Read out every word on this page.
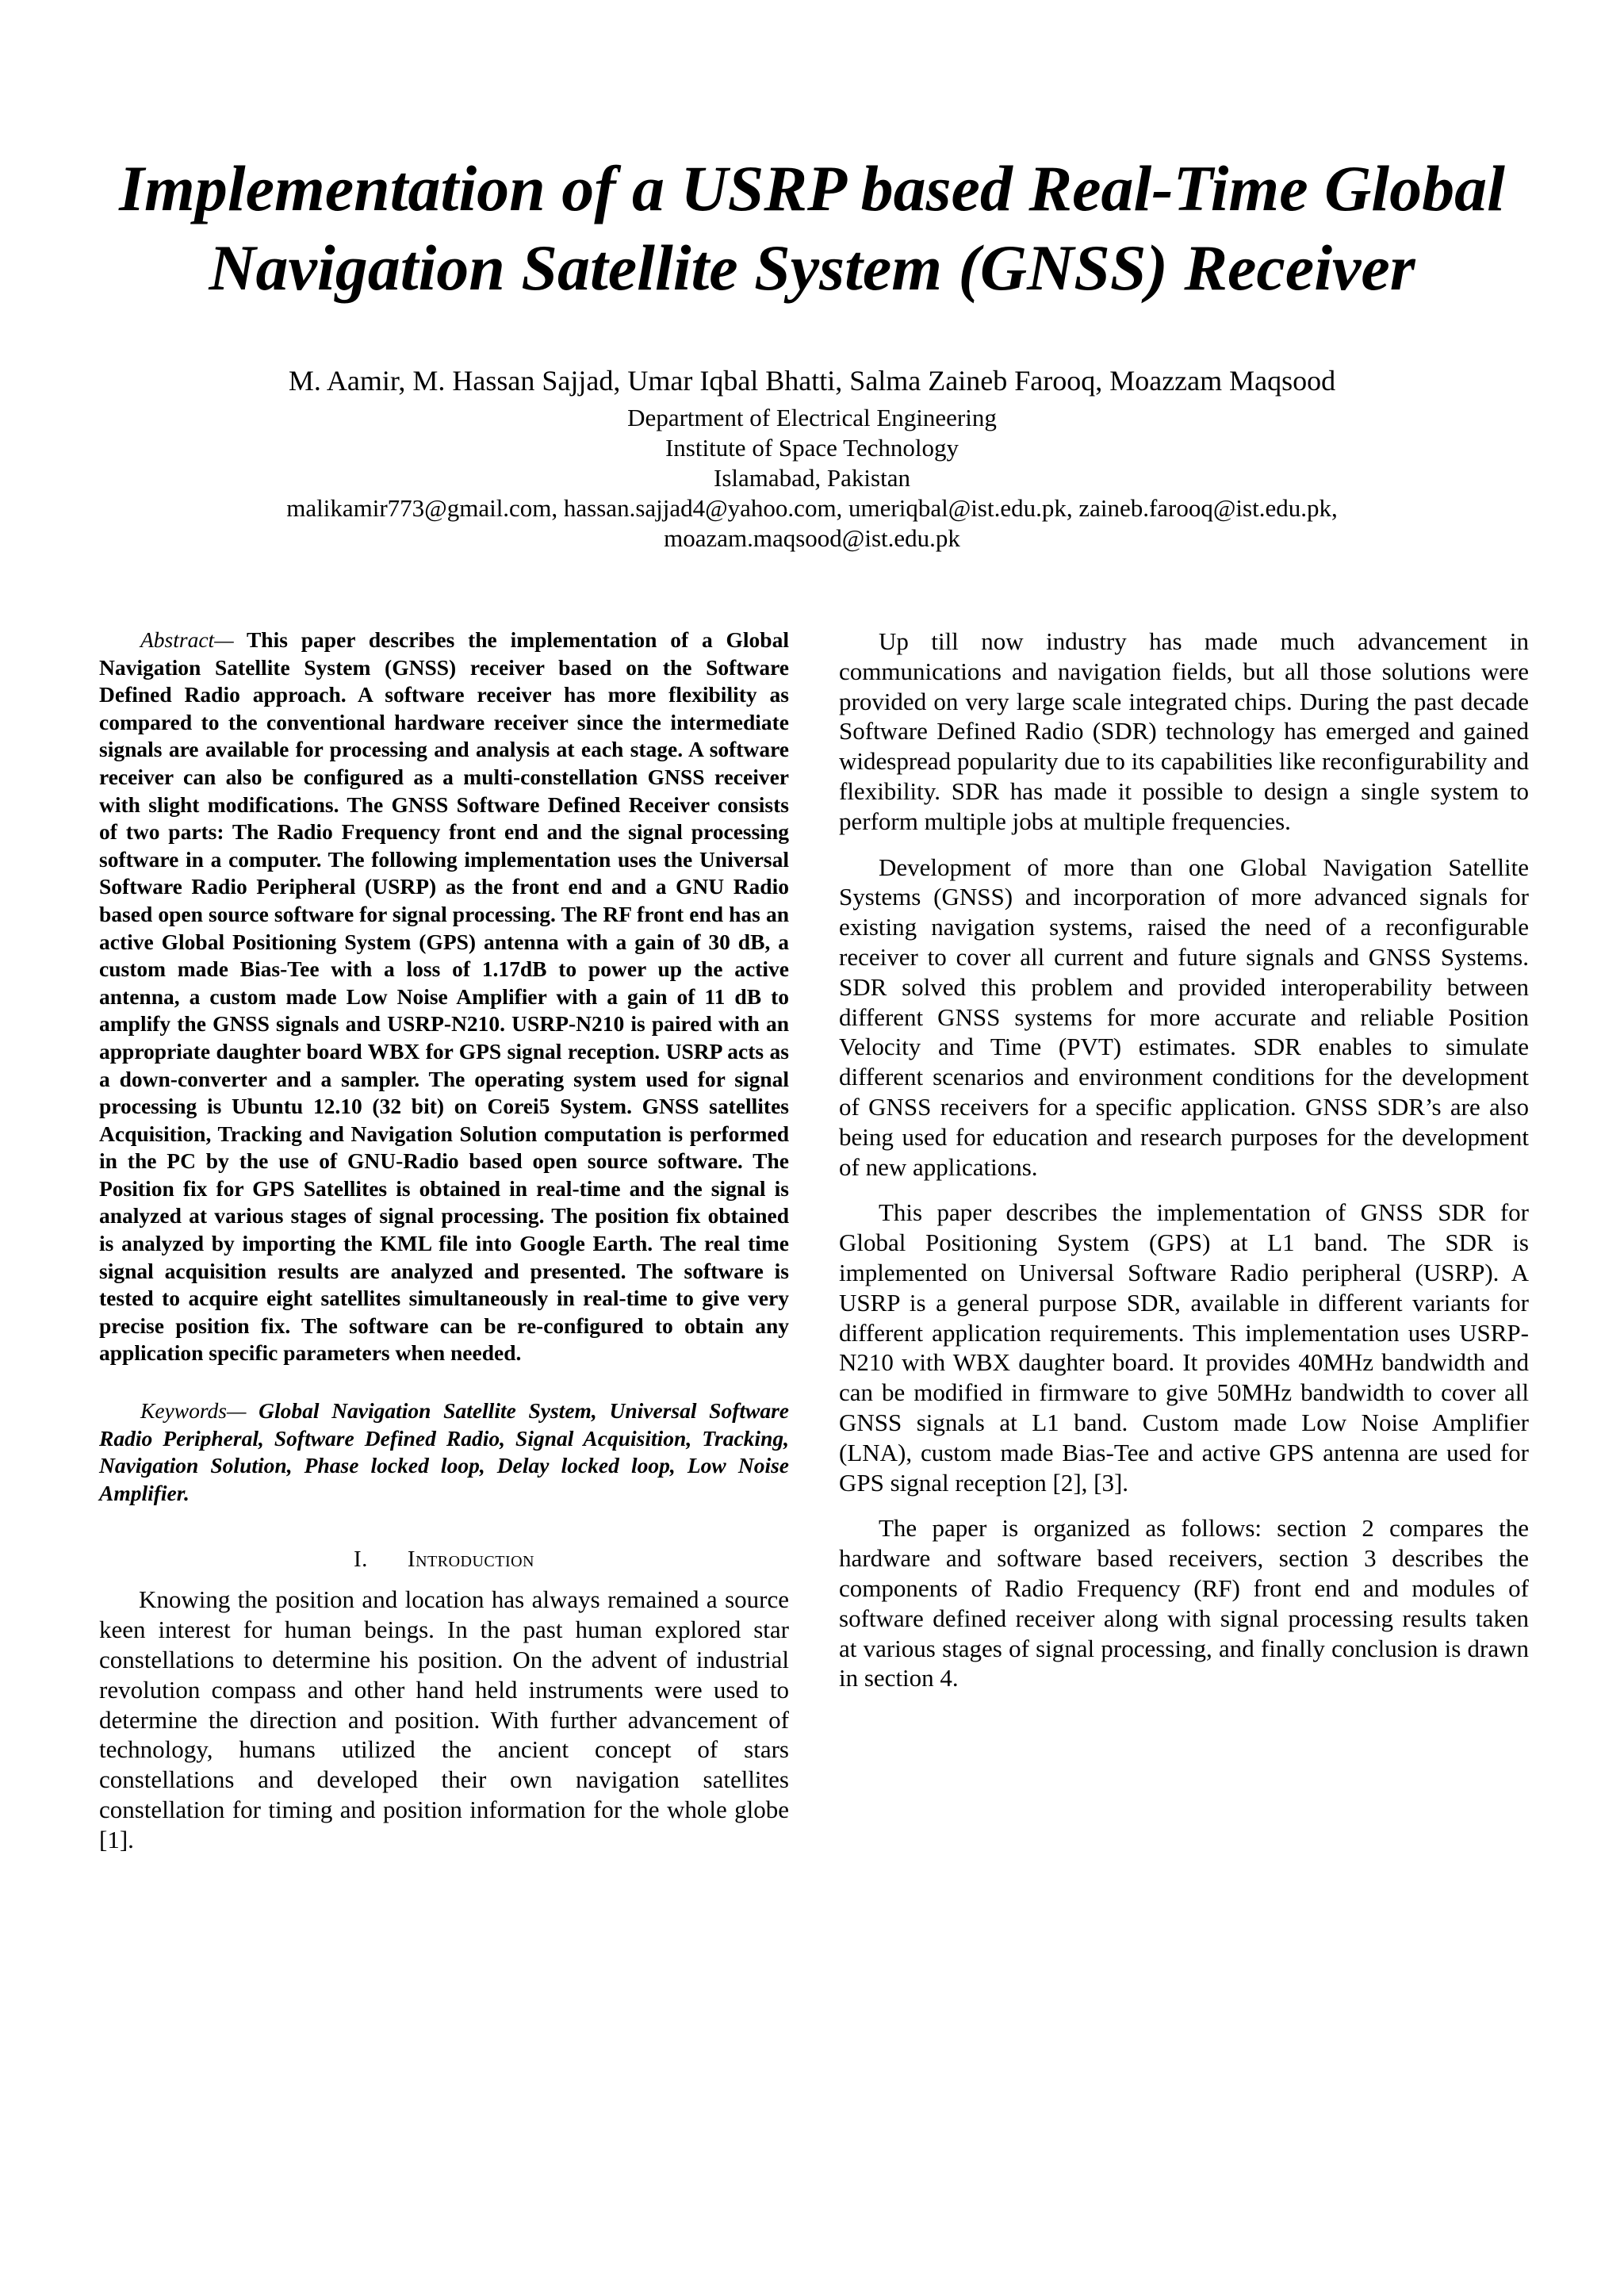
Implementation of a USRP based Real-Time Global
Navigation Satellite System (GNSS) Receiver
M. Aamir, M. Hassan Sajjad, Umar Iqbal Bhatti, Salma Zaineb Farooq, Moazzam Maqsood
Department of Electrical Engineering
Institute of Space Technology
Islamabad, Pakistan
malikamir773@gmail.com, hassan.sajjad4@yahoo.com, umeriqbal@ist.edu.pk, zaineb.farooq@ist.edu.pk,
moazam.maqsood@ist.edu.pk

Abstract— This paper describes the implementation of a Global Navigation Satellite System (GNSS) receiver based on the Software Defined Radio approach. A software receiver has more flexibility as compared to the conventional hardware receiver since the intermediate signals are available for processing and analysis at each stage. A software receiver can also be configured as a multi-constellation GNSS receiver with slight modifications. The GNSS Software Defined Receiver consists of two parts: The Radio Frequency front end and the signal processing software in a computer. The following implementation uses the Universal Software Radio Peripheral (USRP) as the front end and a GNU Radio based open source software for signal processing. The RF front end has an active Global Positioning System (GPS) antenna with a gain of 30 dB, a custom made Bias-Tee with a loss of 1.17dB to power up the active antenna, a custom made Low Noise Amplifier with a gain of 11 dB to amplify the GNSS signals and USRP-N210. USRP-N210 is paired with an appropriate daughter board WBX for GPS signal reception. USRP acts as a down-converter and a sampler. The operating system used for signal processing is Ubuntu 12.10 (32 bit) on Corei5 System. GNSS satellites Acquisition, Tracking and Navigation Solution computation is performed in the PC by the use of GNU-Radio based open source software. The Position fix for GPS Satellites is obtained in real-time and the signal is analyzed at various stages of signal processing. The position fix obtained is analyzed by importing the KML file into Google Earth. The real time signal acquisition results are analyzed and presented. The software is tested to acquire eight satellites simultaneously in real-time to give very precise position fix. The software can be re-configured to obtain any application specific parameters when needed.

Keywords— Global Navigation Satellite System, Universal Software Radio Peripheral, Software Defined Radio, Signal Acquisition, Tracking, Navigation Solution, Phase locked loop, Delay locked loop, Low Noise Amplifier.

I. Introduction

Knowing the position and location has always remained a source keen interest for human beings. In the past human explored star constellations to determine his position. On the advent of industrial revolution compass and other hand held instruments were used to determine the direction and position. With further advancement of technology, humans utilized the ancient concept of stars constellations and developed their own navigation satellites constellation for timing and position information for the whole globe [1].

Up till now industry has made much advancement in communications and navigation fields, but all those solutions were provided on very large scale integrated chips. During the past decade Software Defined Radio (SDR) technology has emerged and gained widespread popularity due to its capabilities like reconfigurability and flexibility. SDR has made it possible to design a single system to perform multiple jobs at multiple frequencies.

Development of more than one Global Navigation Satellite Systems (GNSS) and incorporation of more advanced signals for existing navigation systems, raised the need of a reconfigurable receiver to cover all current and future signals and GNSS Systems. SDR solved this problem and provided interoperability between different GNSS systems for more accurate and reliable Position Velocity and Time (PVT) estimates. SDR enables to simulate different scenarios and environment conditions for the development of GNSS receivers for a specific application. GNSS SDR’s are also being used for education and research purposes for the development of new applications.

This paper describes the implementation of GNSS SDR for Global Positioning System (GPS) at L1 band. The SDR is implemented on Universal Software Radio peripheral (USRP). A USRP is a general purpose SDR, available in different variants for different application requirements. This implementation uses USRP-N210 with WBX daughter board. It provides 40MHz bandwidth and can be modified in firmware to give 50MHz bandwidth to cover all GNSS signals at L1 band. Custom made Low Noise Amplifier (LNA), custom made Bias-Tee and active GPS antenna are used for GPS signal reception [2], [3].

The paper is organized as follows: section 2 compares the hardware and software based receivers, section 3 describes the components of Radio Frequency (RF) front end and modules of software defined receiver along with signal processing results taken at various stages of signal processing, and finally conclusion is drawn in section 4.
